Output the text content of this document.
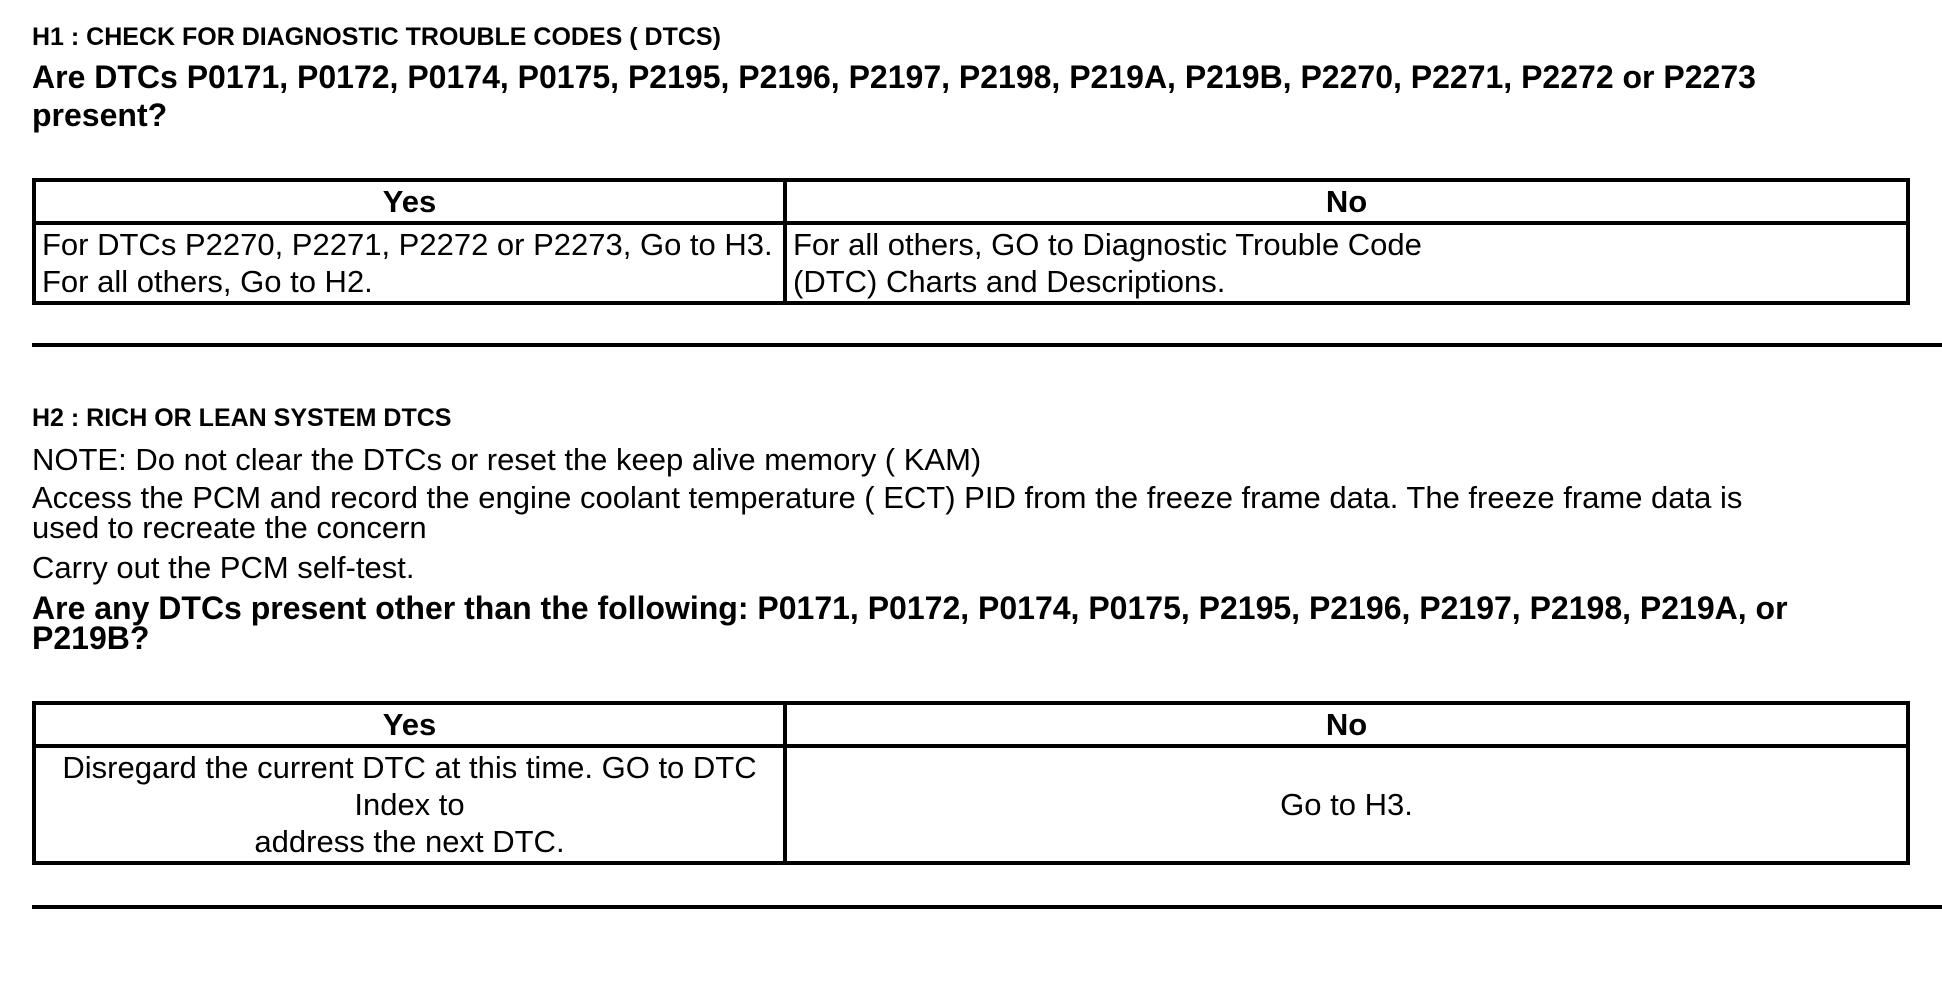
H1 : CHECK FOR DIAGNOSTIC TROUBLE CODES ( DTCS)

Are DTCs P0171, P0172, P0174, P0175, P2195, P2196, P2197, P2198, P219A, P219B, P2270, P2271, P2272 or P2273
present?

Yes	No

For DTCs P2270, P2271, P2272 or P2273, Go to H3.
For all others, Go to H2.	For all others, GO to Diagnostic Trouble Code
(DTC) Charts and Descriptions.

H2 : RICH OR LEAN SYSTEM DTCS

NOTE: Do not clear the DTCs or reset the keep alive memory ( KAM)

Access the PCM and record the engine coolant temperature ( ECT) PID from the freeze frame data. The freeze frame data is
used to recreate the concern

Carry out the PCM self-test.

Are any DTCs present other than the following: P0171, P0172, P0174, P0175, P2195, P2196, P2197, P2198, P219A, or
P219B?

Yes	No

Disregard the current DTC at this time. GO to DTC Index to
address the next DTC.	Go to H3.
